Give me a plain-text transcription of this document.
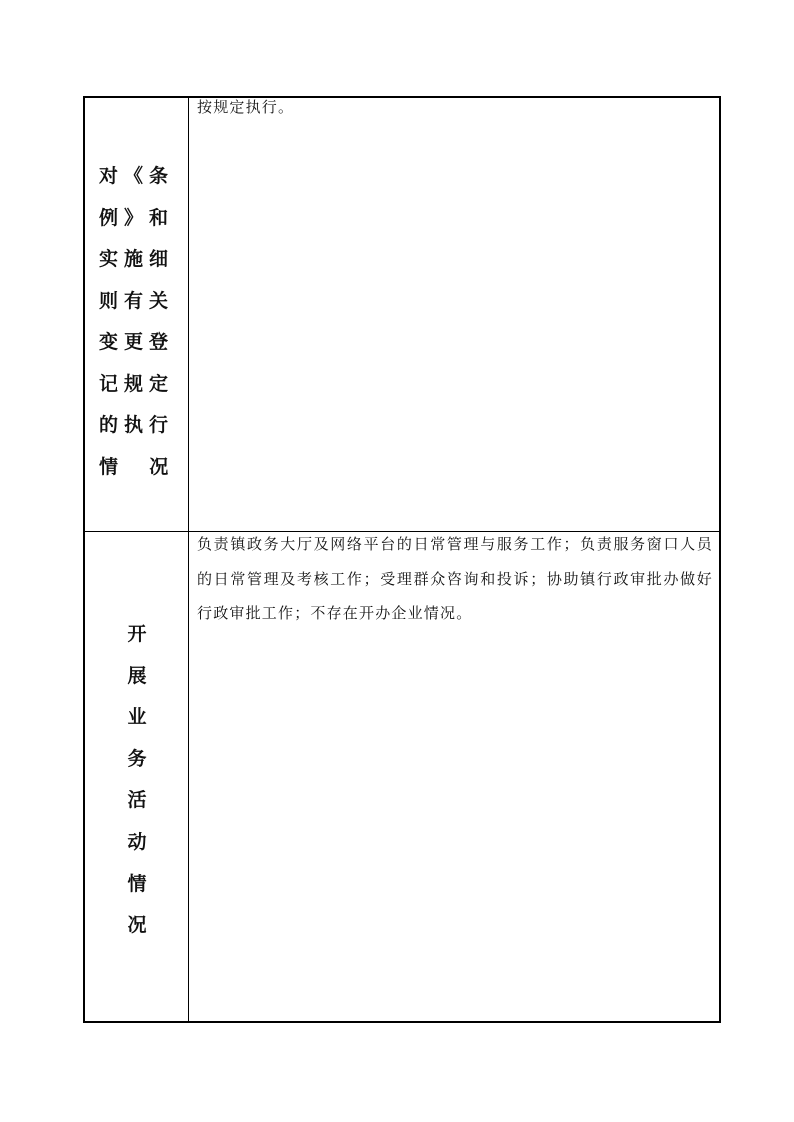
对《条
例》和
实施细
则有关
变更登
记规定
的执行
情  况

按规定执行。

开
展
业
务
活
动
情
况

负责镇政务大厅及网络平台的日常管理与服务工作；负责服务窗口人员的日常管理及考核工作；受理群众咨询和投诉；协助镇行政审批办做好行政审批工作；不存在开办企业情况。
